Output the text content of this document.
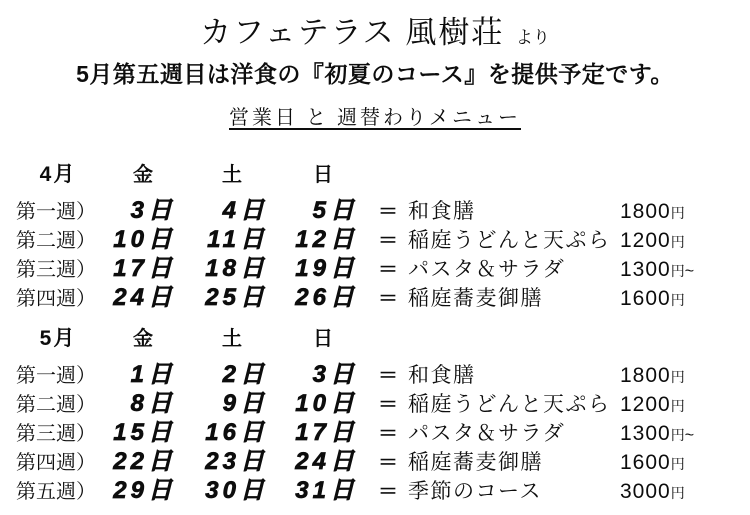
カフェテラス 風樹荘 より
5月第五週目は洋食の『初夏のコース』を提供予定です。
営業日 と 週替わりメニュー
4月	金	土	日
第一週）	3日	4日	5日	＝ 和食膳	1800円
第二週） 10日	11日	12日	＝ 稲庭うどんと天ぷら 1200円
第三週） 17日	18日	19日	＝ パスタ＆サラダ	1300円~
第四週） 24日	25日	26日	＝ 稲庭蕎麦御膳	1600円
5月	金	土	日
第一週）	1日	2日	3日	＝ 和食膳	1800円
第二週）	8日	9日	10日	＝ 稲庭うどんと天ぷら 1200円
第三週） 15日	16日	17日	＝ パスタ＆サラダ	1300円~
第四週） 22日	23日	24日	＝ 稲庭蕎麦御膳	1600円
第五週） 29日	30日	31日	＝ 季節のコース	3000円
